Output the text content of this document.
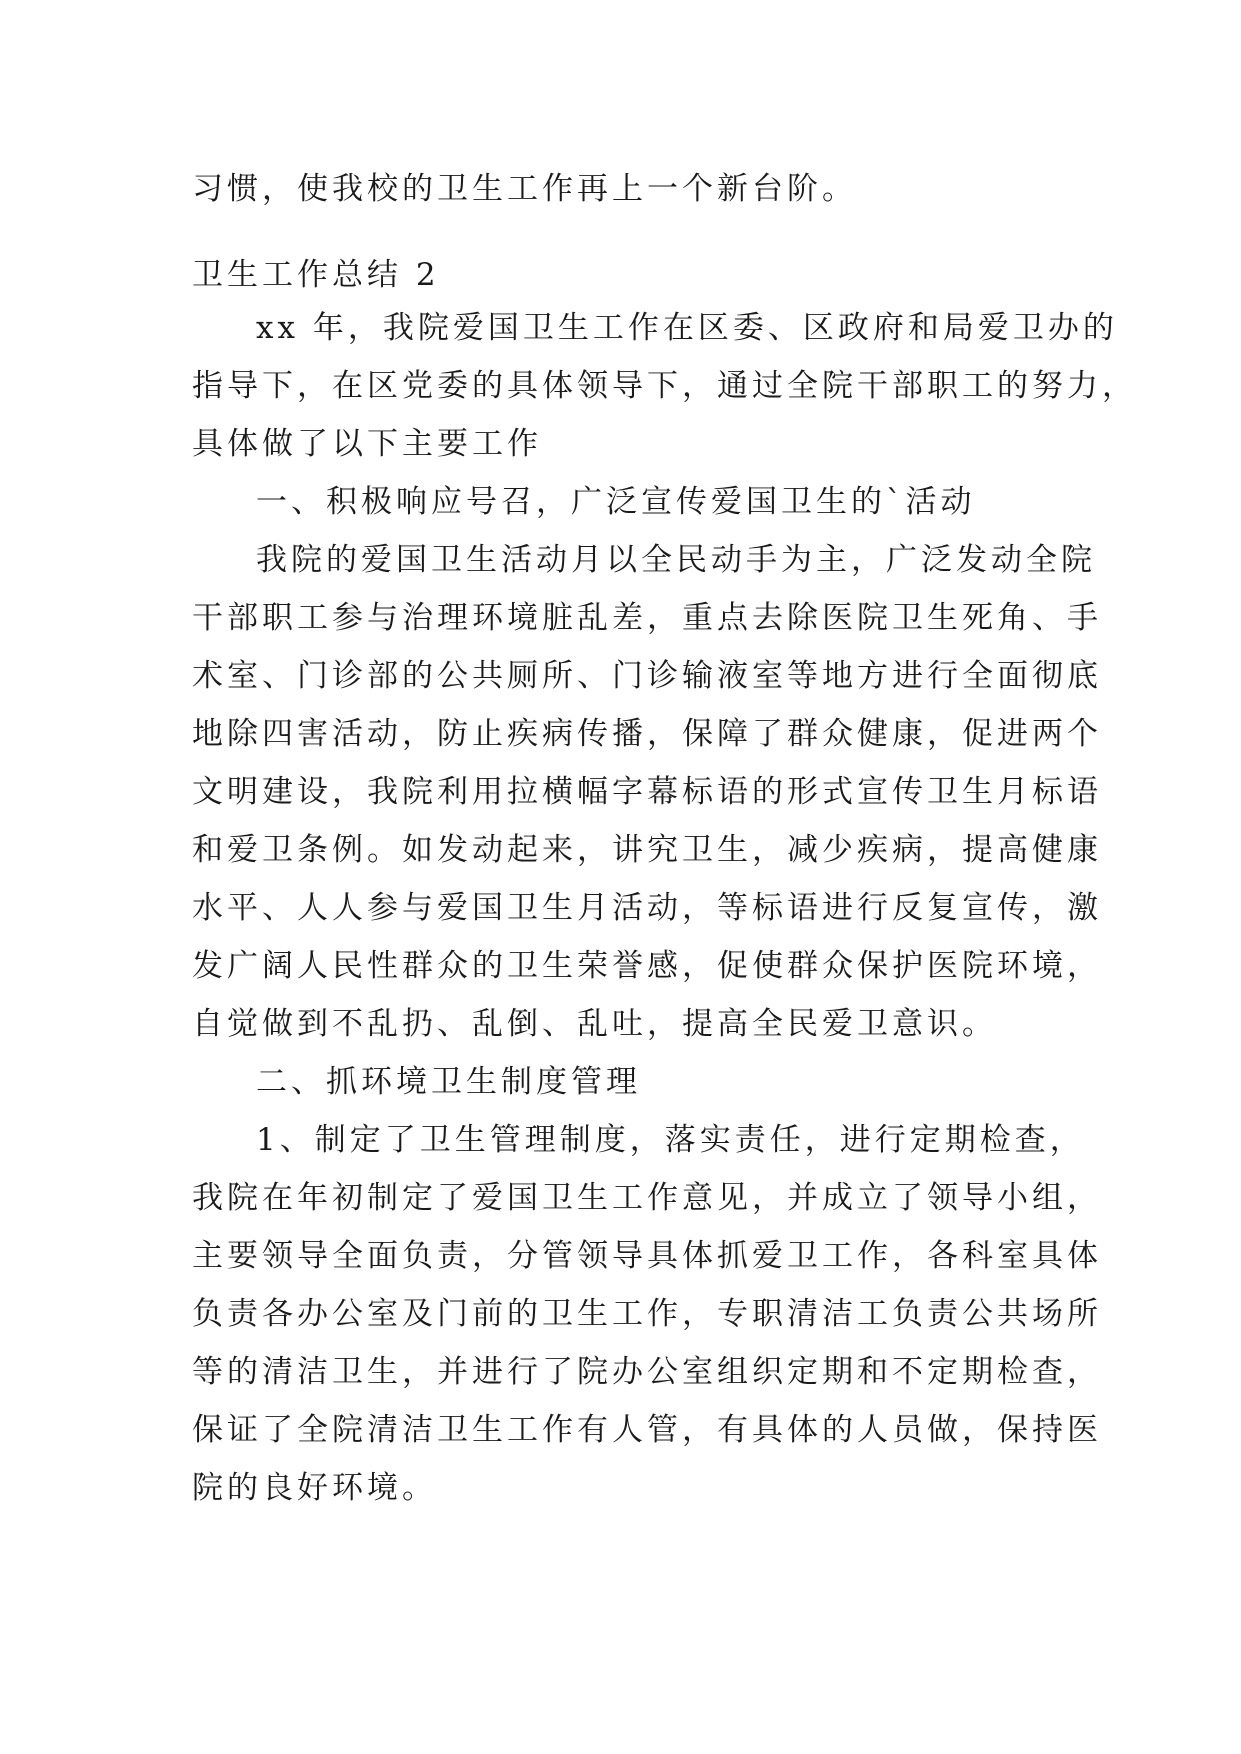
习惯，使我校的卫生工作再上一个新台阶。
卫生工作总结 2
xx 年，我院爱国卫生工作在区委、区政府和局爱卫办的
指导下，在区党委的具体领导下，通过全院干部职工的努力，
具体做了以下主要工作
一、积极响应号召，广泛宣传爱国卫生的`活动
我院的爱国卫生活动月以全民动手为主，广泛发动全院
干部职工参与治理环境脏乱差，重点去除医院卫生死角、手
术室、门诊部的公共厕所、门诊输液室等地方进行全面彻底
地除四害活动，防止疾病传播，保障了群众健康，促进两个
文明建设，我院利用拉横幅字幕标语的形式宣传卫生月标语
和爱卫条例。如发动起来，讲究卫生，减少疾病，提高健康
水平、人人参与爱国卫生月活动，等标语进行反复宣传，激
发广阔人民性群众的卫生荣誉感，促使群众保护医院环境，
自觉做到不乱扔、乱倒、乱吐，提高全民爱卫意识。
二、抓环境卫生制度管理
1、制定了卫生管理制度，落实责任，进行定期检查，
我院在年初制定了爱国卫生工作意见，并成立了领导小组，
主要领导全面负责，分管领导具体抓爱卫工作，各科室具体
负责各办公室及门前的卫生工作，专职清洁工负责公共场所
等的清洁卫生，并进行了院办公室组织定期和不定期检查，
保证了全院清洁卫生工作有人管，有具体的人员做，保持医
院的良好环境。
